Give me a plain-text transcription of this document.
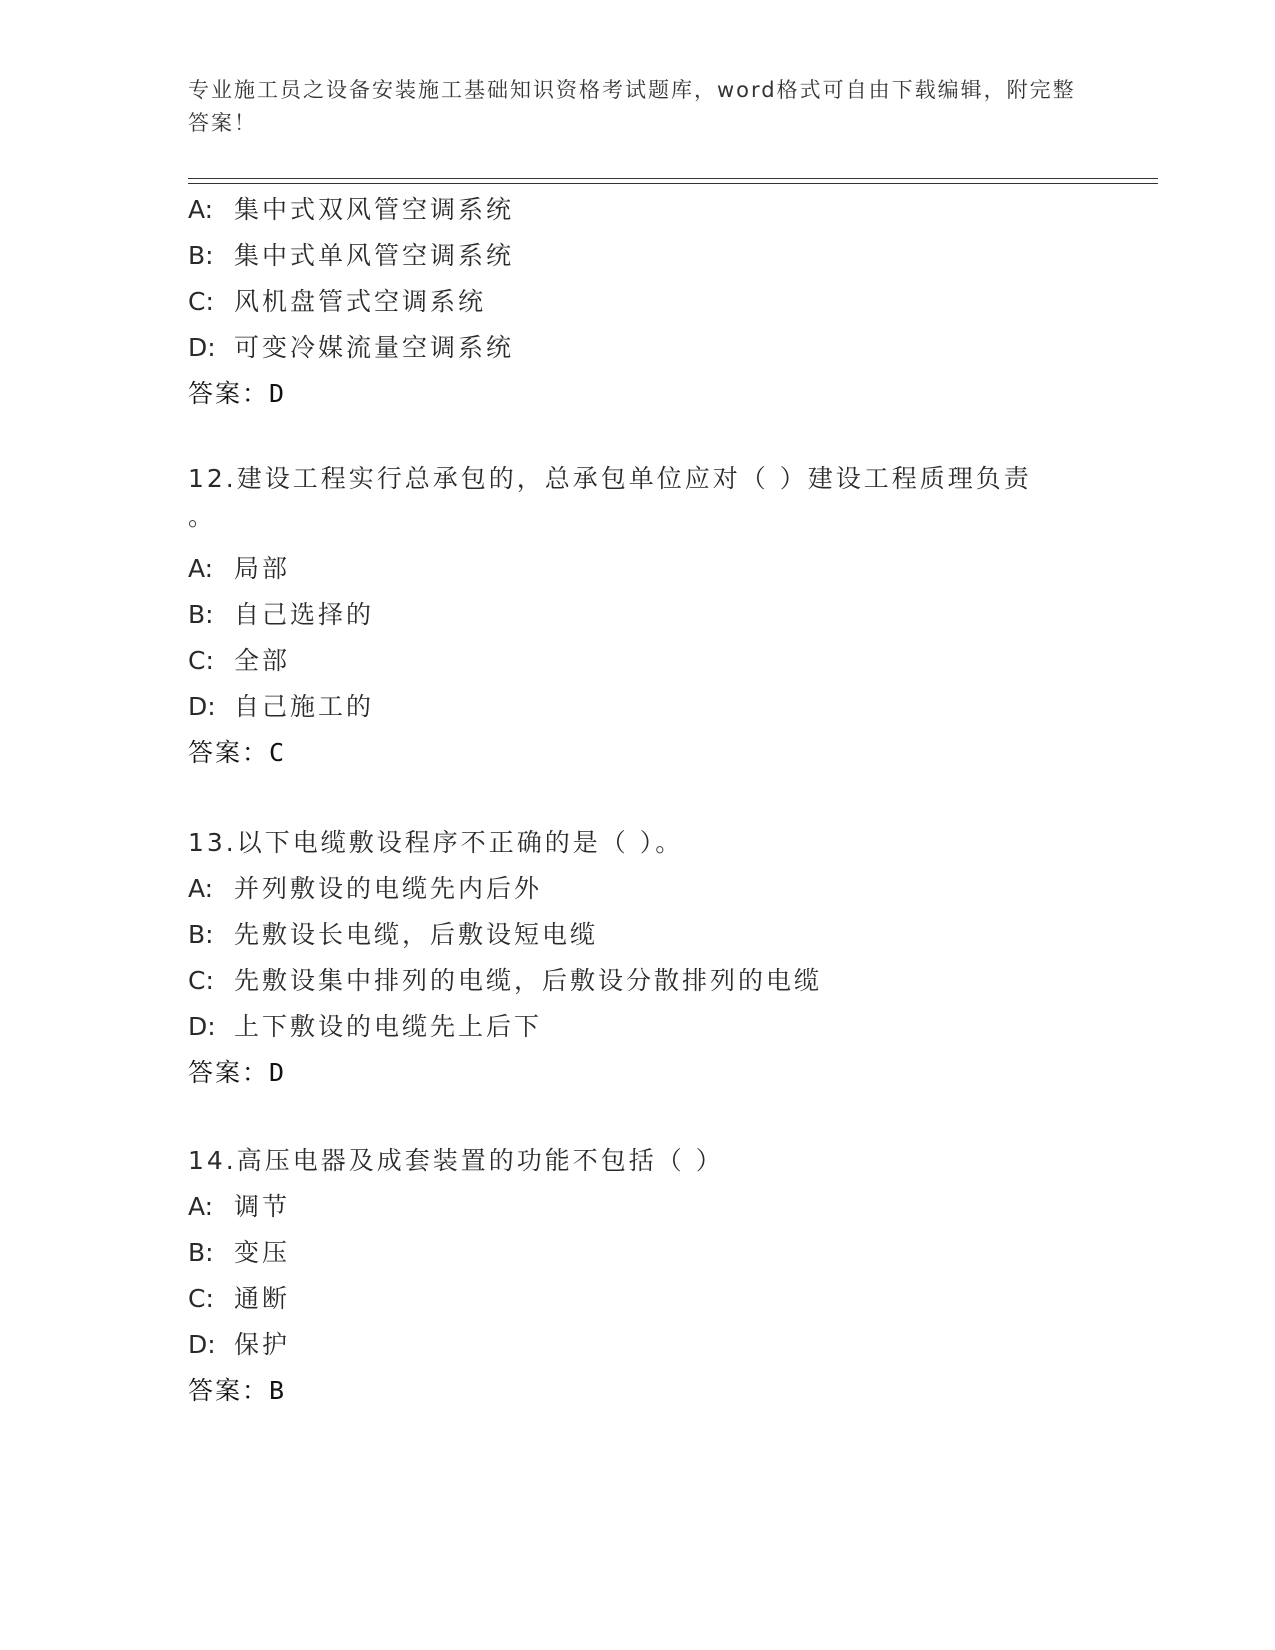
专业施工员之设备安装施工基础知识资格考试题库，word格式可自由下载编辑，附完整答案！
A: 集中式双风管空调系统
B: 集中式单风管空调系统
C: 风机盘管式空调系统
D: 可变冷媒流量空调系统
答案：D
12.建设工程实行总承包的，总承包单位应对（ ）建设工程质理负责
。
A: 局部
B: 自己选择的
C: 全部
D: 自己施工的
答案：C
13.以下电缆敷设程序不正确的是（ ）。
A: 并列敷设的电缆先内后外
B: 先敷设长电缆，后敷设短电缆
C: 先敷设集中排列的电缆，后敷设分散排列的电缆
D: 上下敷设的电缆先上后下
答案：D
14.高压电器及成套装置的功能不包括（ ）
A: 调节
B: 变压
C: 通断
D: 保护
答案：B
